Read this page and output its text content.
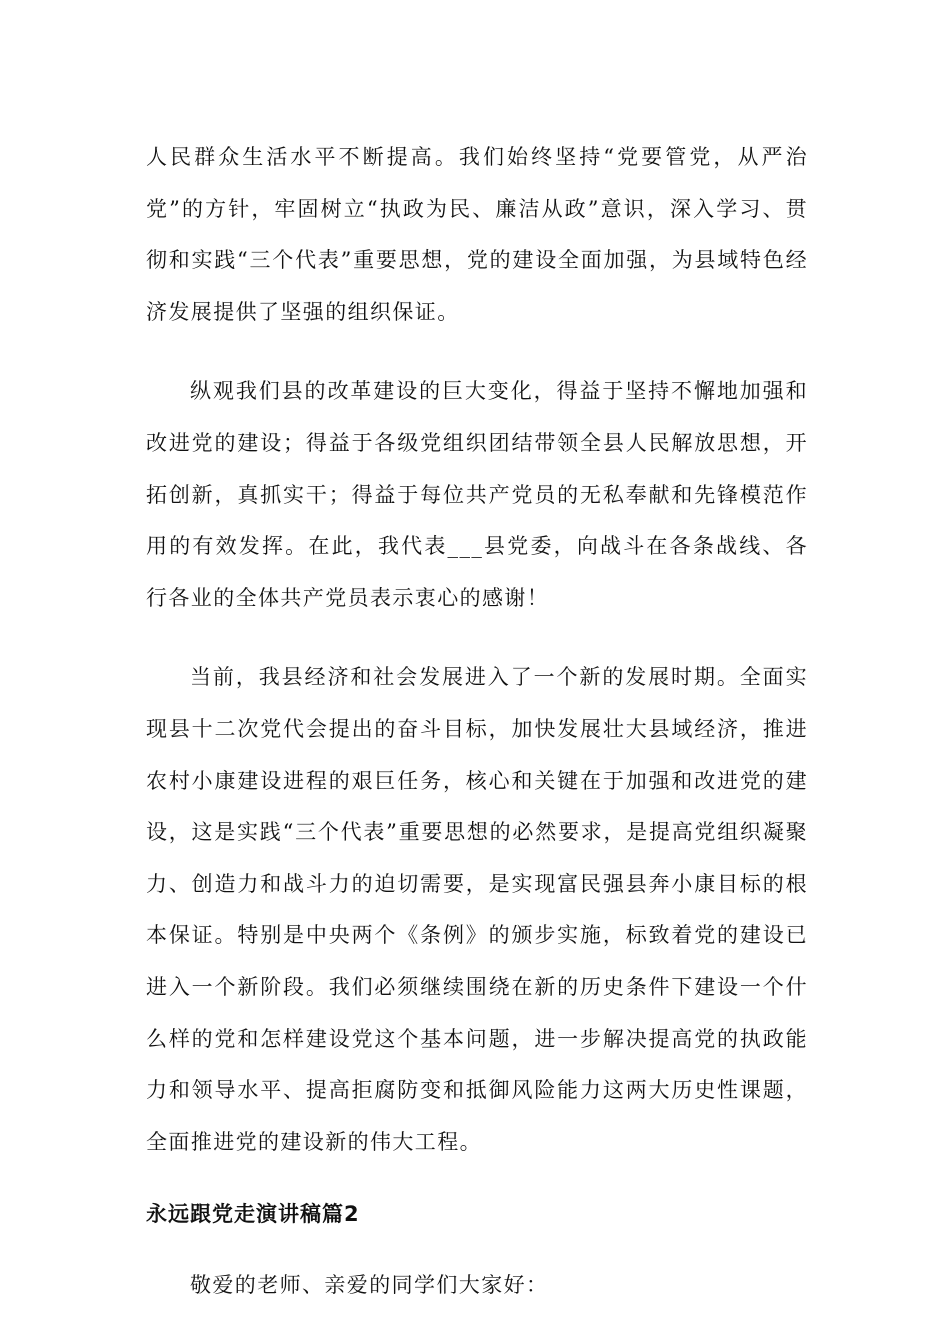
人民群众生活水平不断提高。我们始终坚持“党要管党，从严治党”的方针，牢固树立“执政为民、廉洁从政”意识，深入学习、贯彻和实践“三个代表”重要思想，党的建设全面加强，为县域特色经济发展提供了坚强的组织保证。

纵观我们县的改革建设的巨大变化，得益于坚持不懈地加强和改进党的建设；得益于各级党组织团结带领全县人民解放思想，开拓创新，真抓实干；得益于每位共产党员的无私奉献和先锋模范作用的有效发挥。在此，我代表___县党委，向战斗在各条战线、各行各业的全体共产党员表示衷心的感谢！

当前，我县经济和社会发展进入了一个新的发展时期。全面实现县十二次党代会提出的奋斗目标，加快发展壮大县域经济，推进农村小康建设进程的艰巨任务，核心和关键在于加强和改进党的建设，这是实践“三个代表”重要思想的必然要求，是提高党组织凝聚力、创造力和战斗力的迫切需要，是实现富民强县奔小康目标的根本保证。特别是中央两个《条例》的颁步实施，标致着党的建设已进入一个新阶段。我们必须继续围绕在新的历史条件下建设一个什么样的党和怎样建设党这个基本问题，进一步解决提高党的执政能力和领导水平、提高拒腐防变和抵御风险能力这两大历史性课题，全面推进党的建设新的伟大工程。

永远跟党走演讲稿篇2

敬爱的老师、亲爱的同学们大家好：
